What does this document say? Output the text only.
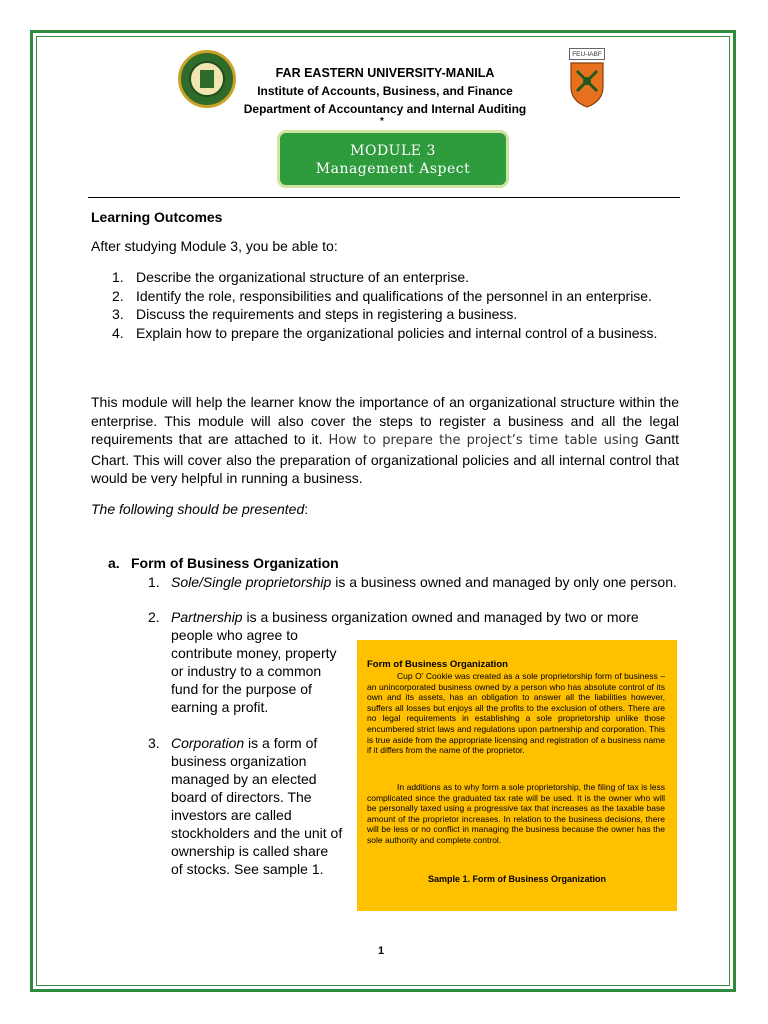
FEU-IABF
FAR EASTERN UNIVERSITY-MANILA
Institute of Accounts, Business, and Finance
Department of Accountancy and Internal Auditing
*
MODULE 3
Management Aspect
Learning Outcomes
After studying Module 3, you be able to:
1. Describe the organizational structure of an enterprise.
2. Identify the role, responsibilities and qualifications of the personnel in an enterprise.
3. Discuss the requirements and steps in registering a business.
4. Explain how to prepare the organizational policies and internal control of a business.
This module will help the learner know the importance of an organizational structure within the enterprise. This module will also cover the steps to register a business and all the legal requirements that are attached to it. How to prepare the project’s time table using Gantt Chart. This will cover also the preparation of organizational policies and all internal control that would be very helpful in running a business.
The following should be presented:
a. Form of Business Organization
1. Sole/Single proprietorship is a business owned and managed by only one person.
2. Partnership is a business organization owned and managed by two or more
people who agree to contribute money, property or industry to a common fund for the purpose of earning a profit.
3. Corporation is a form of business organization managed by an elected board of directors. The investors are called stockholders and the unit of ownership is called share of stocks. See sample 1.
Form of Business Organization

Cup O’ Cookie was created as a sole proprietorship form of business – an unincorporated business owned by a person who has absolute control of its own and its assets, has an obligation to answer all the liabilities however, suffers all losses but enjoys all the profits to the exclusion of others. There are no legal requirements in establishing a sole proprietorship unlike those encumbered strict laws and regulations upon partnership and corporation. This is true aside from the appropriate licensing and registration of a business name if it differs from the name of the proprietor.

In additions as to why form a sole proprietorship, the filing of tax is less complicated since the graduated tax rate will be used. It is the owner who will be personally taxed using a progressive tax that increases as the taxable base amount of the proprietor increases. In relation to the business decisions, there will be less or no conflict in managing the business because the owner has the sole authority and complete control.

Sample 1. Form of Business Organization
1
